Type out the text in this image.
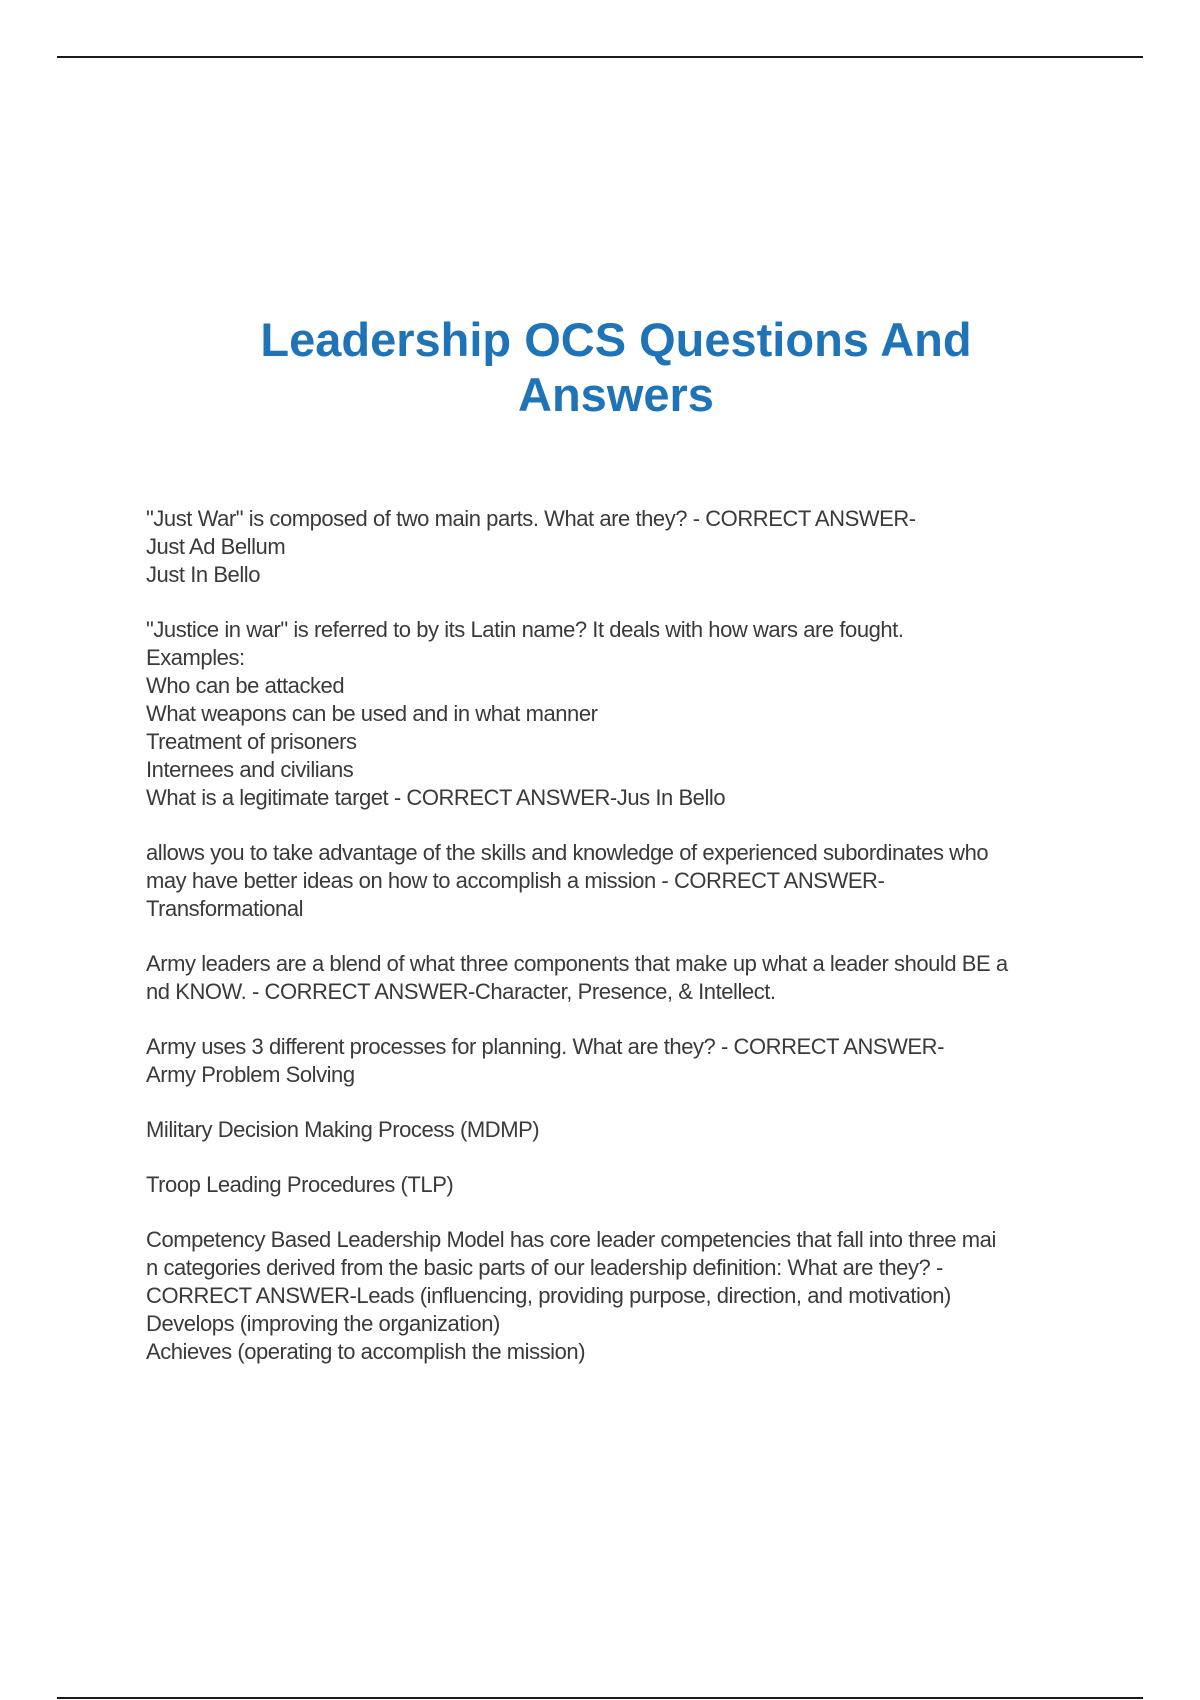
Leadership OCS Questions And
Answers
"Just War" is composed of two main parts. What are they? - CORRECT ANSWER-
Just Ad Bellum
Just In Bello
"Justice in war" is referred to by its Latin name? It deals with how wars are fought.
Examples:
Who can be attacked
What weapons can be used and in what manner
Treatment of prisoners
Internees and civilians
What is a legitimate target - CORRECT ANSWER-Jus In Bello
allows you to take advantage of the skills and knowledge of experienced subordinates who
may have better ideas on how to accomplish a mission - CORRECT ANSWER-
Transformational
Army leaders are a blend of what three components that make up what a leader should BE a
nd KNOW. - CORRECT ANSWER-Character, Presence, & Intellect.
Army uses 3 different processes for planning. What are they? - CORRECT ANSWER-
Army Problem Solving
Military Decision Making Process (MDMP)
Troop Leading Procedures (TLP)
Competency Based Leadership Model has core leader competencies that fall into three mai
n categories derived from the basic parts of our leadership definition: What are they? -
CORRECT ANSWER-Leads (influencing, providing purpose, direction, and motivation)
Develops (improving the organization)
Achieves (operating to accomplish the mission)
